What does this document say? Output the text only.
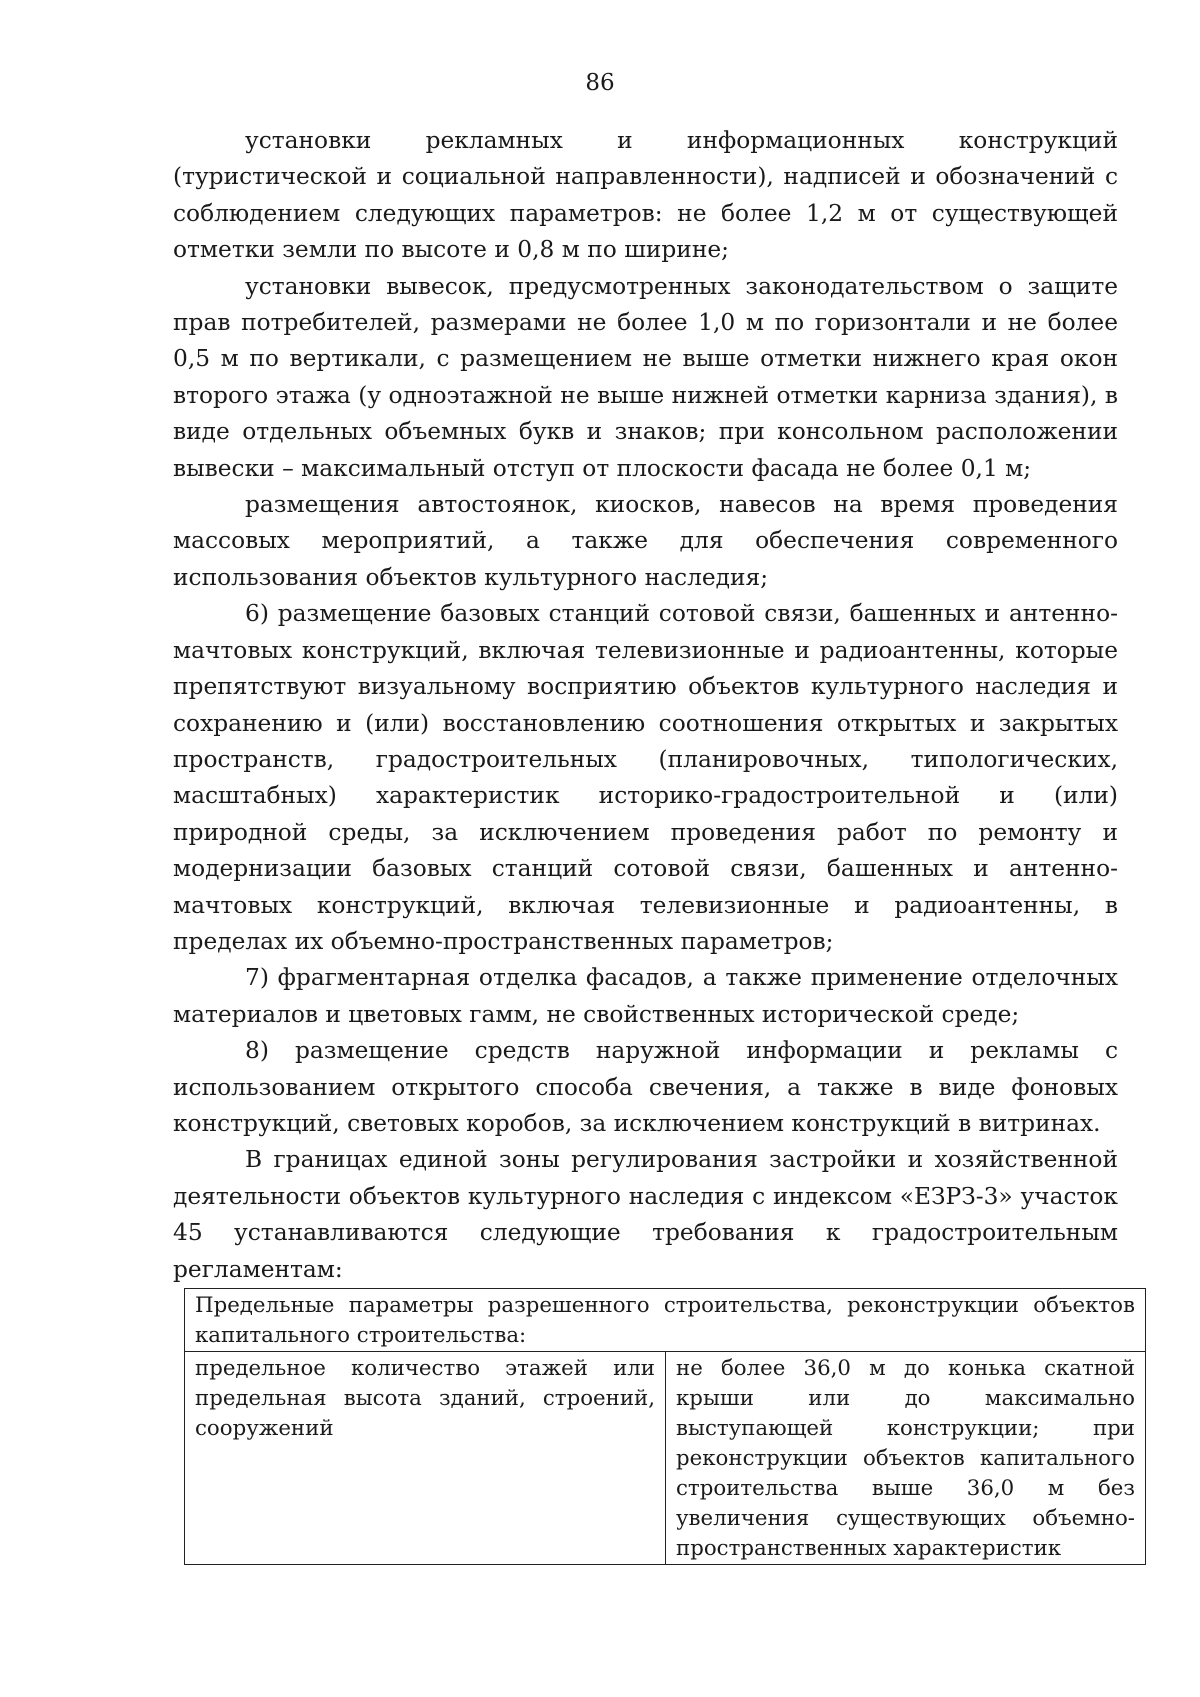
86

установки рекламных и информационных конструкций (туристической и социальной направленности), надписей и обозначений с соблюдением следующих параметров: не более 1,2 м от существующей отметки земли по высоте и 0,8 м по ширине;

установки вывесок, предусмотренных законодательством о защите прав потребителей, размерами не более 1,0 м по горизонтали и не более 0,5 м по вертикали, с размещением не выше отметки нижнего края окон второго этажа (у одноэтажной не выше нижней отметки карниза здания), в виде отдельных объемных букв и знаков; при консольном расположении вывески – максимальный отступ от плоскости фасада не более 0,1 м;

размещения автостоянок, киосков, навесов на время проведения массовых мероприятий, а также для обеспечения современного использования объектов культурного наследия;

6) размещение базовых станций сотовой связи, башенных и антенно-мачтовых конструкций, включая телевизионные и радиоантенны, которые препятствуют визуальному восприятию объектов культурного наследия и сохранению и (или) восстановлению соотношения открытых и закрытых пространств, градостроительных (планировочных, типологических, масштабных) характеристик историко-градостроительной и (или) природной среды, за исключением проведения работ по ремонту и модернизации базовых станций сотовой связи, башенных и антенно-мачтовых конструкций, включая телевизионные и радиоантенны, в пределах их объемно-пространственных параметров;

7) фрагментарная отделка фасадов, а также применение отделочных материалов и цветовых гамм, не свойственных исторической среде;

8) размещение средств наружной информации и рекламы с использованием открытого способа свечения, а также в виде фоновых конструкций, световых коробов, за исключением конструкций в витринах.

В границах единой зоны регулирования застройки и хозяйственной деятельности объектов культурного наследия с индексом «ЕЗРЗ-3» участок 45 устанавливаются следующие требования к градостроительным регламентам:

Предельные параметры разрешенного строительства, реконструкции объектов капитального строительства:
предельное количество этажей или предельная высота зданий, строений, сооружений	не более 36,0 м до конька скатной крыши или до максимально выступающей конструкции; при реконструкции объектов капитального строительства выше 36,0 м без увеличения существующих объемно-пространственных характеристик
